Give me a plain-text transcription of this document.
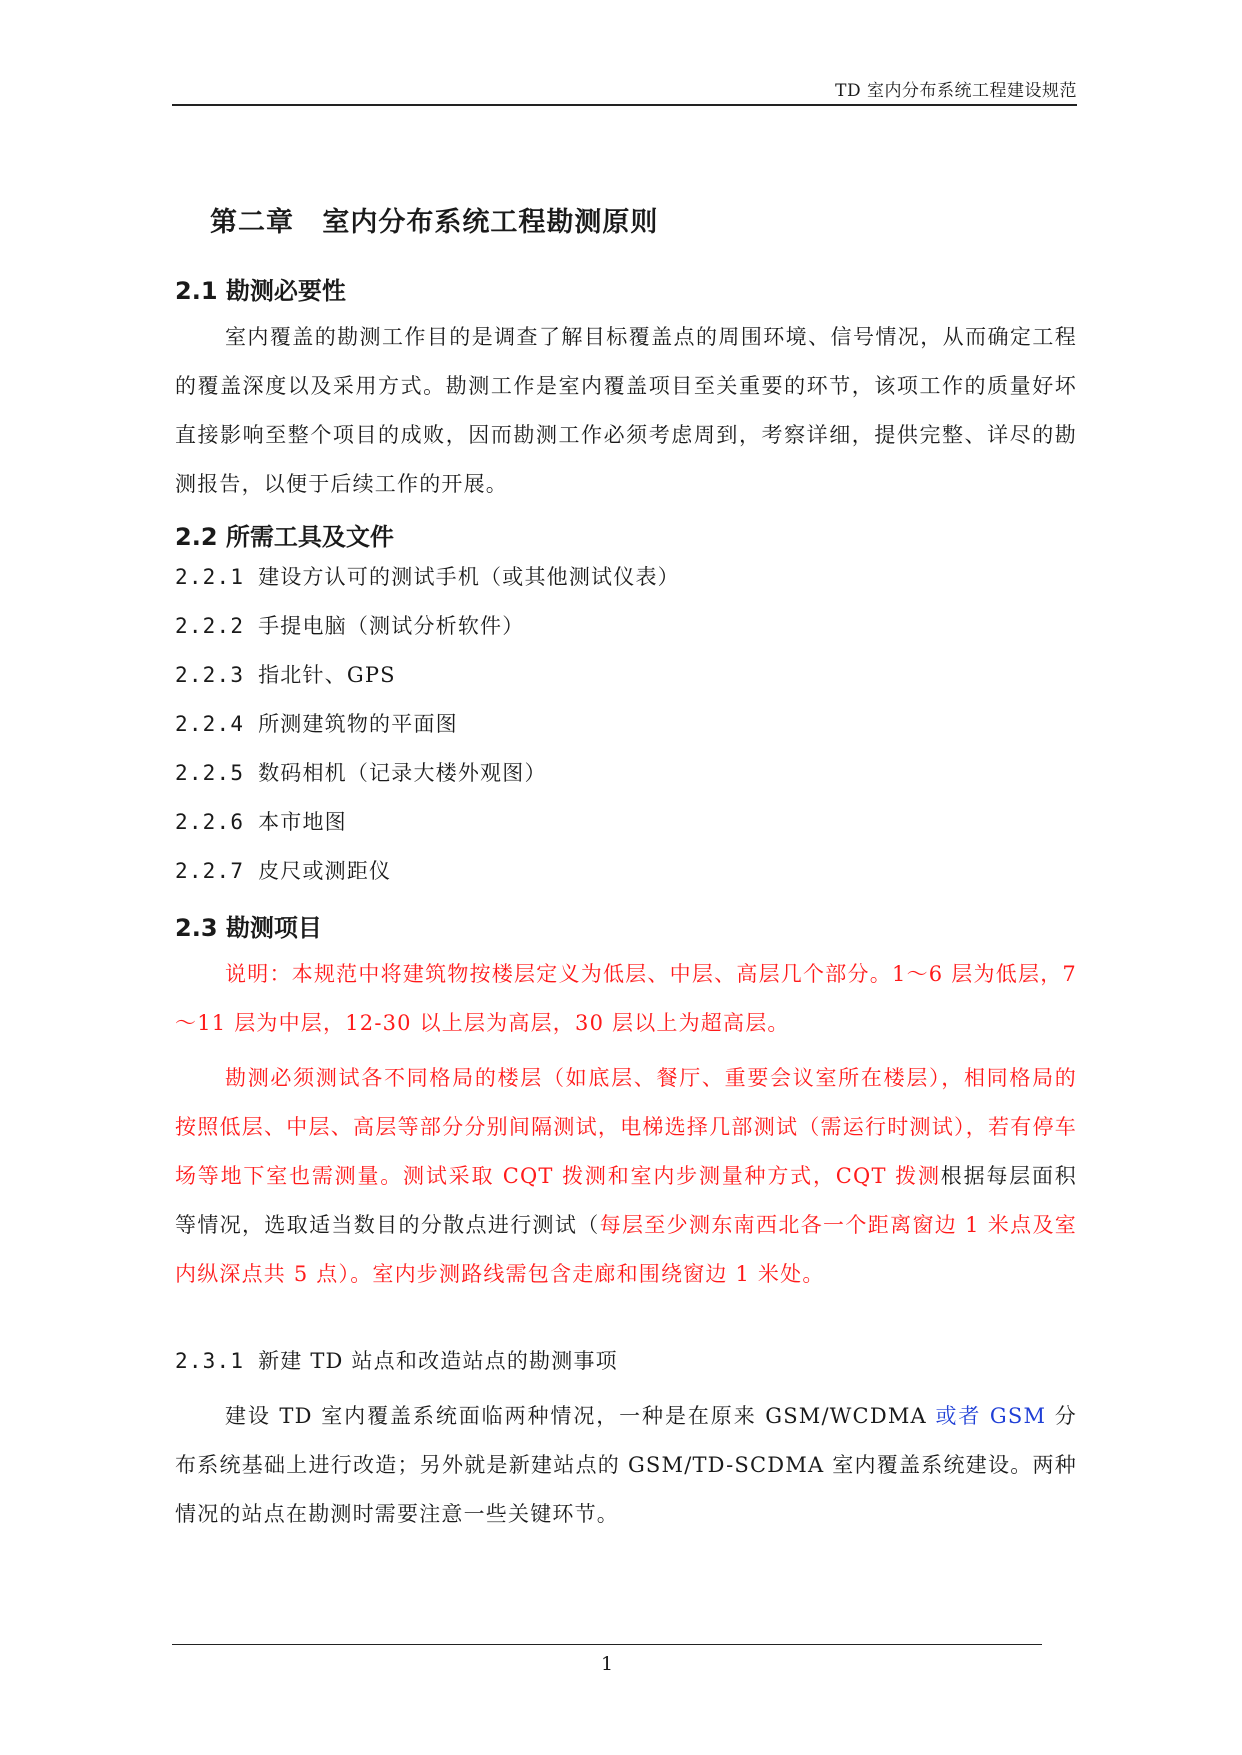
TD 室内分布系统工程建设规范
第二章 室内分布系统工程勘测原则
2.1 勘测必要性

室内覆盖的勘测工作目的是调查了解目标覆盖点的周围环境、信号情况，从而确定工程的覆盖深度以及采用方式。勘测工作是室内覆盖项目至关重要的环节，该项工作的质量好坏直接影响至整个项目的成败，因而勘测工作必须考虑周到，考察详细，提供完整、详尽的勘测报告，以便于后续工作的开展。

2.2 所需工具及文件

2.2.1 建设方认可的测试手机（或其他测试仪表）

2.2.2 手提电脑（测试分析软件）

2.2.3 指北针、GPS

2.2.4 所测建筑物的平面图

2.2.5 数码相机（记录大楼外观图）

2.2.6 本市地图

2.2.7 皮尺或测距仪

2.3 勘测项目

说明：本规范中将建筑物按楼层定义为低层、中层、高层几个部分。1～6 层为低层，7～11 层为中层，12-30 以上层为高层，30 层以上为超高层。

勘测必须测试各不同格局的楼层（如底层、餐厅、重要会议室所在楼层），相同格局的按照低层、中层、高层等部分分别间隔测试，电梯选择几部测试（需运行时测试），若有停车场等地下室也需测量。测试采取 CQT 拨测和室内步测量种方式，CQT 拨测根据每层面积等情况，选取适当数目的分散点进行测试（每层至少测东南西北各一个距离窗边 1 米点及室内纵深点共 5 点）。室内步测路线需包含走廊和围绕窗边 1 米处。

2.3.1 新建 TD 站点和改造站点的勘测事项

建设 TD 室内覆盖系统面临两种情况，一种是在原来 GSM/WCDMA 或者 GSM 分布系统基础上进行改造；另外就是新建站点的 GSM/TD-SCDMA 室内覆盖系统建设。两种情况的站点在勘测时需要注意一些关键环节。

1
